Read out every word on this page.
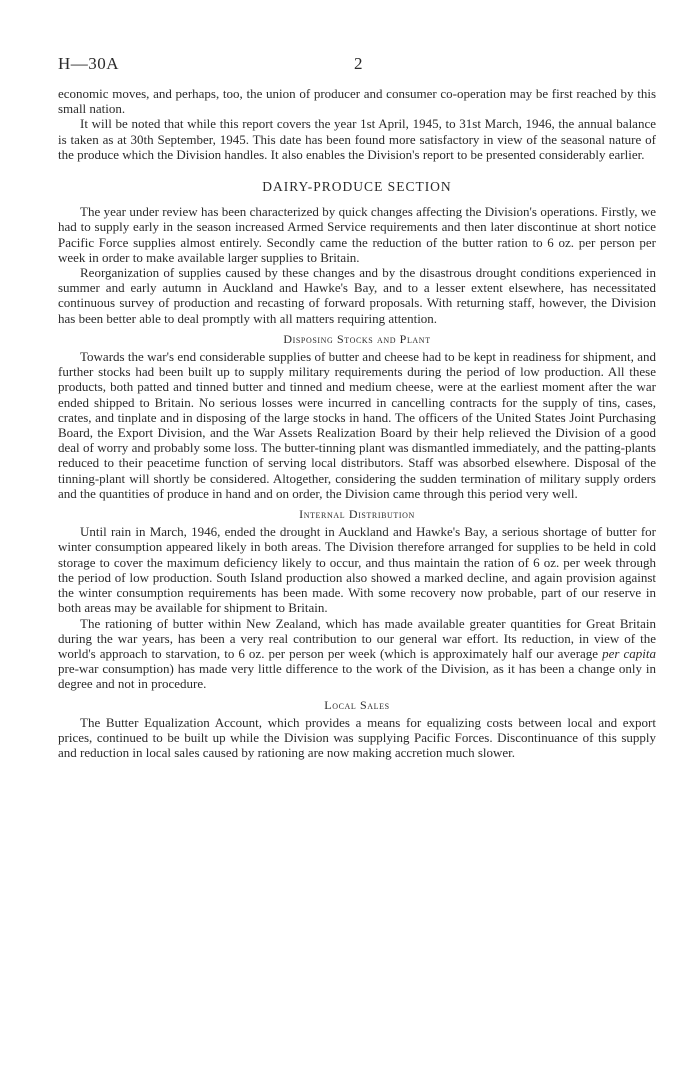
H—30A	2

economic moves, and perhaps, too, the union of producer and consumer co-operation may be first reached by this small nation.

It will be noted that while this report covers the year 1st April, 1945, to 31st March, 1946, the annual balance is taken as at 30th September, 1945. This date has been found more satisfactory in view of the seasonal nature of the produce which the Division handles. It also enables the Division's report to be presented considerably earlier.

DAIRY-PRODUCE SECTION

The year under review has been characterized by quick changes affecting the Division's operations. Firstly, we had to supply early in the season increased Armed Service requirements and then later discontinue at short notice Pacific Force supplies almost entirely. Secondly came the reduction of the butter ration to 6 oz. per person per week in order to make available larger supplies to Britain.

Reorganization of supplies caused by these changes and by the disastrous drought conditions experienced in summer and early autumn in Auckland and Hawke's Bay, and to a lesser extent elsewhere, has necessitated continuous survey of production and recasting of forward proposals. With returning staff, however, the Division has been better able to deal promptly with all matters requiring attention.

Disposing Stocks and Plant

Towards the war's end considerable supplies of butter and cheese had to be kept in readiness for shipment, and further stocks had been built up to supply military requirements during the period of low production. All these products, both patted and tinned butter and tinned and medium cheese, were at the earliest moment after the war ended shipped to Britain. No serious losses were incurred in cancelling contracts for the supply of tins, cases, crates, and tinplate and in disposing of the large stocks in hand. The officers of the United States Joint Purchasing Board, the Export Division, and the War Assets Realization Board by their help relieved the Division of a good deal of worry and probably some loss. The butter-tinning plant was dismantled immediately, and the patting-plants reduced to their peacetime function of serving local distributors. Staff was absorbed elsewhere. Disposal of the tinning-plant will shortly be considered. Altogether, considering the sudden termination of military supply orders and the quantities of produce in hand and on order, the Division came through this period very well.

Internal Distribution

Until rain in March, 1946, ended the drought in Auckland and Hawke's Bay, a serious shortage of butter for winter consumption appeared likely in both areas. The Division therefore arranged for supplies to be held in cold storage to cover the maximum deficiency likely to occur, and thus maintain the ration of 6 oz. per week through the period of low production. South Island production also showed a marked decline, and again provision against the winter consumption requirements has been made. With some recovery now probable, part of our reserve in both areas may be available for shipment to Britain.

The rationing of butter within New Zealand, which has made available greater quantities for Great Britain during the war years, has been a very real contribution to our general war effort. Its reduction, in view of the world's approach to starvation, to 6 oz. per person per week (which is approximately half our average per capita pre-war consumption) has made very little difference to the work of the Division, as it has been a change only in degree and not in procedure.

Local Sales

The Butter Equalization Account, which provides a means for equalizing costs between local and export prices, continued to be built up while the Division was supplying Pacific Forces. Discontinuance of this supply and reduction in local sales caused by rationing are now making accretion much slower.
